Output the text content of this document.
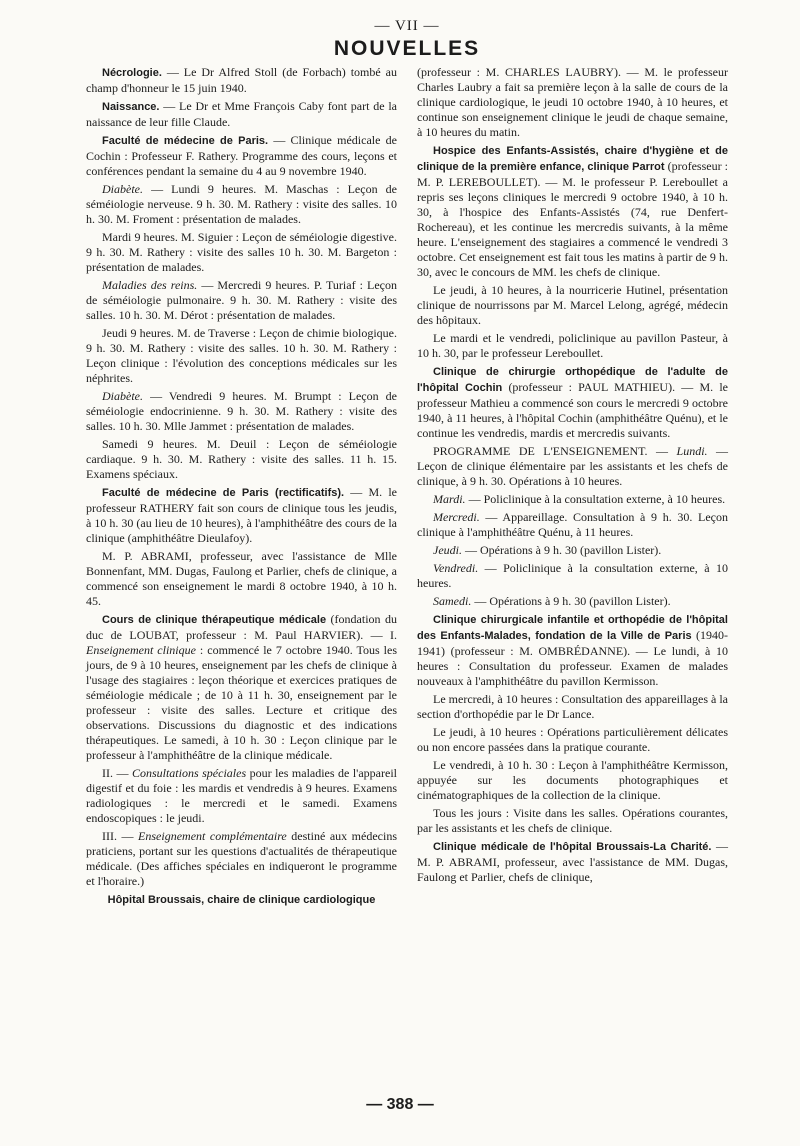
— VII —
NOUVELLES

Nécrologie. — Le Dr Alfred Stoll (de Forbach) tombé au champ d'honneur le 15 juin 1940.

Naissance. — Le Dr et Mme François Caby font part de la naissance de leur fille Claude.

Faculté de médecine de Paris. — Clinique médicale de Cochin : Professeur F. Rathery. Programme des cours, leçons et conférences pendant la semaine du 4 au 9 novembre 1940.

Diabète. — Lundi 9 heures. M. Maschas : Leçon de séméiologie nerveuse. 9 h. 30. M. Rathery : visite des salles. 10 h. 30. M. Froment : présentation de malades.

Mardi 9 heures. M. Siguier : Leçon de séméiologie digestive. 9 h. 30. M. Rathery : visite des salles 10 h. 30. M. Bargeton : présentation de malades.

Maladies des reins. — Mercredi 9 heures. P. Turiaf : Leçon de séméiologie pulmonaire. 9 h. 30. M. Rathery : visite des salles. 10 h. 30. M. Dérot : présentation de malades.

Jeudi 9 heures. M. de Traverse : Leçon de chimie biologique. 9 h. 30. M. Rathery : visite des salles. 10 h. 30. M. Rathery : Leçon clinique : l'évolution des conceptions médicales sur les néphrites.

Diabète. — Vendredi 9 heures. M. Brumpt : Leçon de séméiologie endocrinienne. 9 h. 30. M. Rathery : visite des salles. 10 h. 30. Mlle Jammet : présentation de malades.

Samedi 9 heures. M. Deuil : Leçon de séméiologie cardiaque. 9 h. 30. M. Rathery : visite des salles. 11 h. 15. Examens spéciaux.

Faculté de médecine de Paris (rectificatifs). — M. le professeur RATHERY fait son cours de clinique tous les jeudis, à 10 h. 30 (au lieu de 10 heures), à l'amphithéâtre des cours de la clinique (amphithéâtre Dieulafoy).

M. P. ABRAMI, professeur, avec l'assistance de Mlle Bonnenfant, MM. Dugas, Faulong et Parlier, chefs de clinique, a commencé son enseignement le mardi 8 octobre 1940, à 10 h. 45.

Cours de clinique thérapeutique médicale (fondation du duc de LOUBAT, professeur : M. Paul HARVIER). — I. Enseignement clinique : commencé le 7 octobre 1940. Tous les jours, de 9 à 10 heures, enseignement par les chefs de clinique à l'usage des stagiaires : leçon théorique et exercices pratiques de séméiologie médicale ; de 10 à 11 h. 30, enseignement par le professeur : visite des salles. Lecture et critique des observations. Discussions du diagnostic et des indications thérapeutiques. Le samedi, à 10 h. 30 : Leçon clinique par le professeur à l'amphithéâtre de la clinique médicale.

II. — Consultations spéciales pour les maladies de l'appareil digestif et du foie : les mardis et vendredis à 9 heures. Examens radiologiques : le mercredi et le samedi. Examens endoscopiques : le jeudi.

III. — Enseignement complémentaire destiné aux médecins praticiens, portant sur les questions d'actualités de thérapeutique médicale. (Des affiches spéciales en indiqueront le programme et l'horaire.)

Hôpital Broussais, chaire de clinique cardiologique

(professeur : M. CHARLES LAUBRY). — M. le professeur Charles Laubry a fait sa première leçon à la salle de cours de la clinique cardiologique, le jeudi 10 octobre 1940, à 10 heures, et continue son enseignement clinique le jeudi de chaque semaine, à 10 heures du matin.

Hospice des Enfants-Assistés, chaire d'hygiène et de clinique de la première enfance, clinique Parrot (professeur : M. P. LEREBOULLET). — M. le professeur P. Lereboullet a repris ses leçons cliniques le mercredi 9 octobre 1940, à 10 h. 30, à l'hospice des Enfants-Assistés (74, rue Denfert-Rochereau), et les continue les mercredis suivants, à la même heure. L'enseignement des stagiaires a commencé le vendredi 3 octobre. Cet enseignement est fait tous les matins à partir de 9 h. 30, avec le concours de MM. les chefs de clinique.

Le jeudi, à 10 heures, à la nourricerie Hutinel, présentation clinique de nourrissons par M. Marcel Lelong, agrégé, médecin des hôpitaux.

Le mardi et le vendredi, policlinique au pavillon Pasteur, à 10 h. 30, par le professeur Lereboullet.

Clinique de chirurgie orthopédique de l'adulte de l'hôpital Cochin (professeur : PAUL MATHIEU). — M. le professeur Mathieu a commencé son cours le mercredi 9 octobre 1940, à 11 heures, à l'hôpital Cochin (amphithéâtre Quénu), et le continue les vendredis, mardis et mercredis suivants.

PROGRAMME DE L'ENSEIGNEMENT. — Lundi. — Leçon de clinique élémentaire par les assistants et les chefs de clinique, à 9 h. 30. Opérations à 10 heures.

Mardi. — Policlinique à la consultation externe, à 10 heures.

Mercredi. — Appareillage. Consultation à 9 h. 30. Leçon clinique à l'amphithéâtre Quénu, à 11 heures.

Jeudi. — Opérations à 9 h. 30 (pavillon Lister).

Vendredi. — Policlinique à la consultation externe, à 10 heures.

Samedi. — Opérations à 9 h. 30 (pavillon Lister).

Clinique chirurgicale infantile et orthopédie de l'hôpital des Enfants-Malades, fondation de la Ville de Paris (1940-1941) (professeur : M. OMBRÉDANNE). — Le lundi, à 10 heures : Consultation du professeur. Examen de malades nouveaux à l'amphithéâtre du pavillon Kermisson.

Le mercredi, à 10 heures : Consultation des appareillages à la section d'orthopédie par le Dr Lance.

Le jeudi, à 10 heures : Opérations particulièrement délicates ou non encore passées dans la pratique courante.

Le vendredi, à 10 h. 30 : Leçon à l'amphithéâtre Kermisson, appuyée sur les documents photographiques et cinématographiques de la collection de la clinique.

Tous les jours : Visite dans les salles. Opérations courantes, par les assistants et les chefs de clinique.

Clinique médicale de l'hôpital Broussais-La Charité. — M. P. ABRAMI, professeur, avec l'assistance de MM. Dugas, Faulong et Parlier, chefs de clinique,

— 388 —
